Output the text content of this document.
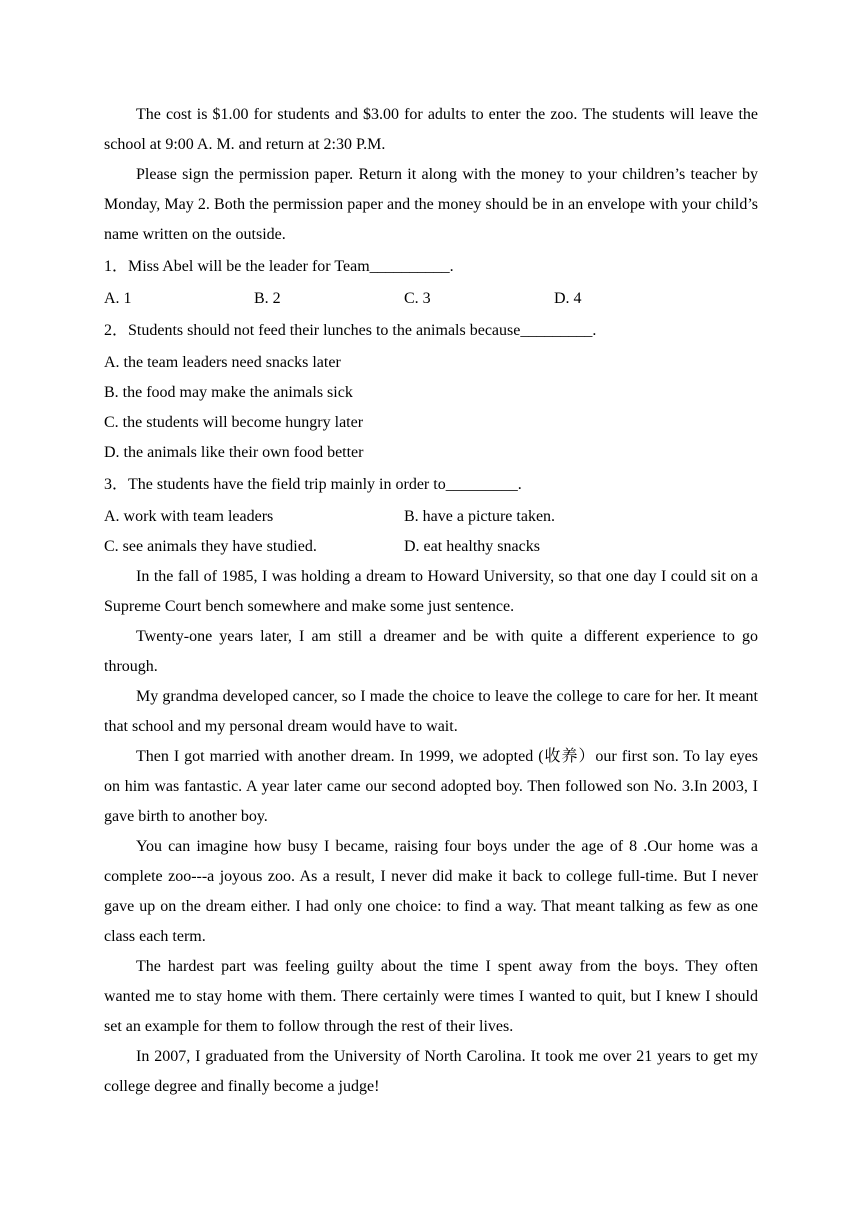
The cost is $1.00 for students and $3.00 for adults to enter the zoo. The students will leave the school at 9:00 A. M. and return at 2:30 P.M.

Please sign the permission paper. Return it along with the money to your children’s teacher by Monday, May 2. Both the permission paper and the money should be in an envelope with your child’s name written on the outside.

1．Miss Abel will be the leader for Team__________.

A. 1	B. 2	C. 3	D. 4

2．Students should not feed their lunches to the animals because_________.

A. the team leaders need snacks later

B. the food may make the animals sick

C. the students will become hungry later

D. the animals like their own food better

3．The students have the field trip mainly in order to_________.

A. work with team leaders	B. have a picture taken.
C. see animals they have studied.	D. eat healthy snacks

In the fall of 1985, I was holding a dream to Howard University, so that one day I could sit on a Supreme Court bench somewhere and make some just sentence.

Twenty-one years later, I am still a dreamer and be with quite a different experience to go through.

My grandma developed cancer, so I made the choice to leave the college to care for her. It meant that school and my personal dream would have to wait.

Then I got married with another dream. In 1999, we adopted (收养）our first son. To lay eyes on him was fantastic. A year later came our second adopted boy. Then followed son No. 3.In 2003, I gave birth to another boy.

You can imagine how busy I became, raising four boys under the age of 8 .Our home was a complete zoo---a joyous zoo. As a result, I never did make it back to college full-time. But I never gave up on the dream either. I had only one choice: to find a way. That meant talking as few as one class each term.

The hardest part was feeling guilty about the time I spent away from the boys. They often wanted me to stay home with them. There certainly were times I wanted to quit, but I knew I should set an example for them to follow through the rest of their lives.

In 2007, I graduated from the University of North Carolina. It took me over 21 years to get my college degree and finally become a judge!
